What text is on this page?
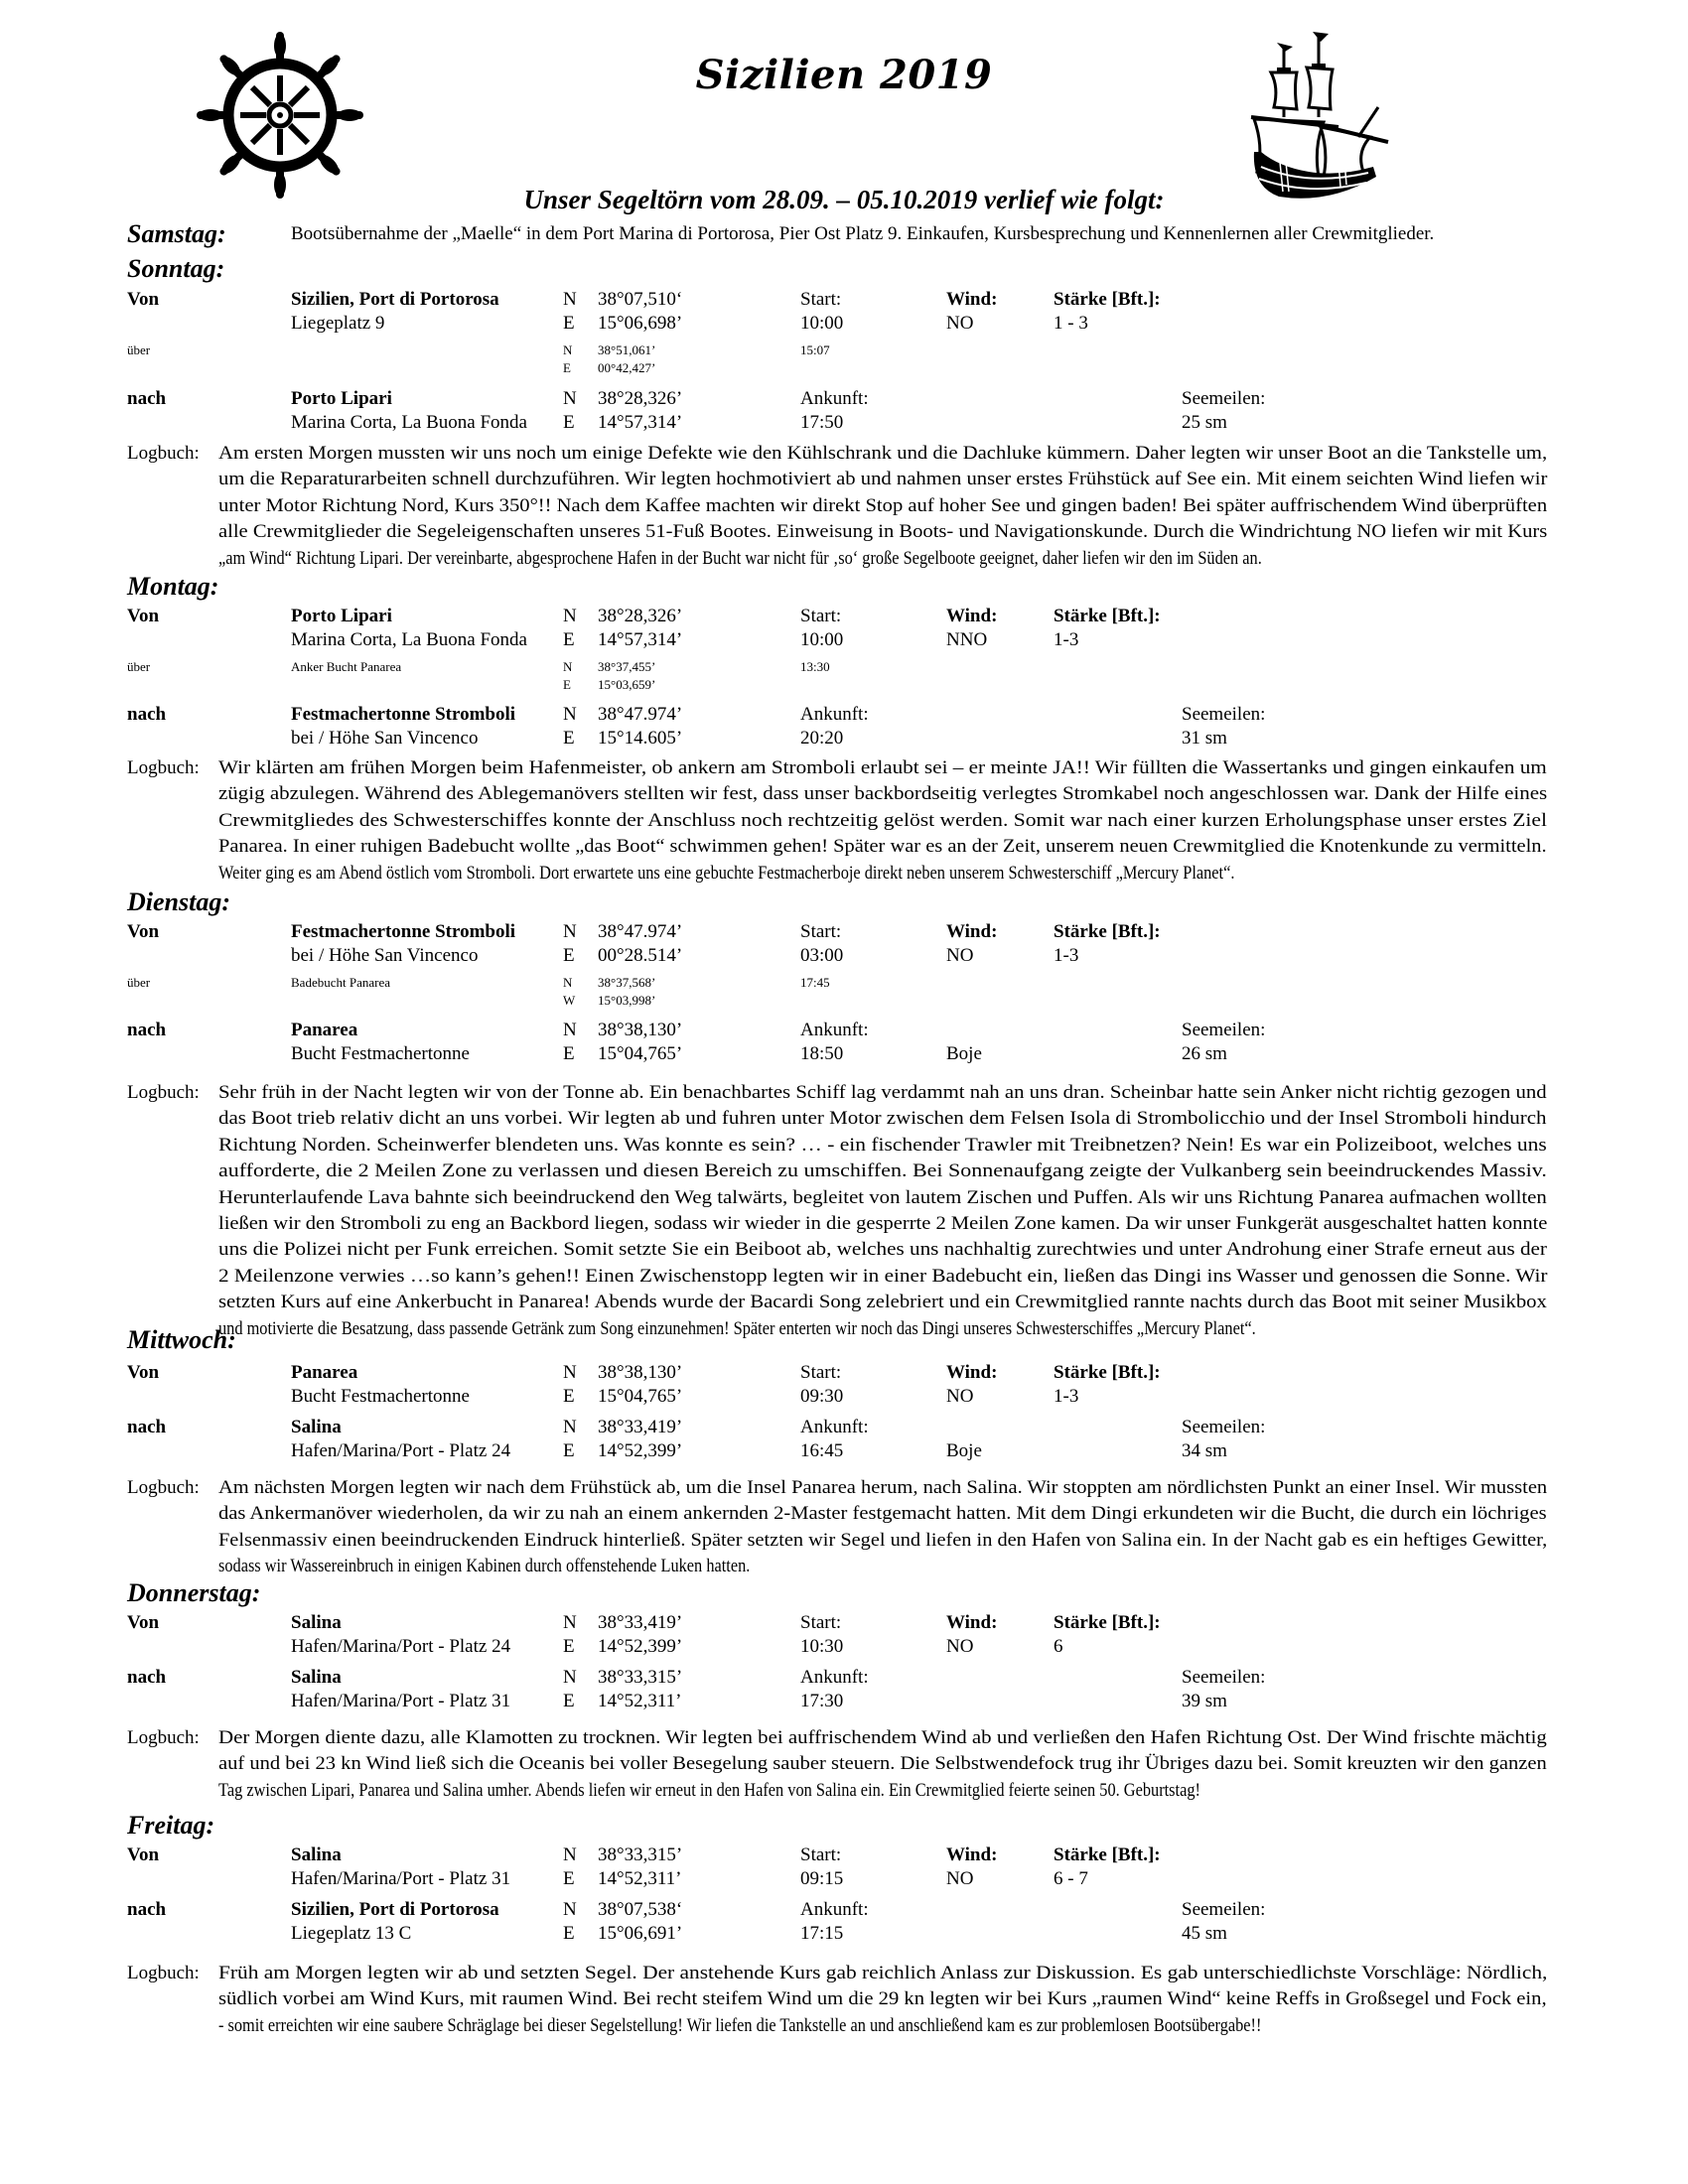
Sizilien 2019
Unser Segeltörn vom 28.09. – 05.10.2019 verlief wie folgt:
Samstag:	Bootsübernahme der „Maelle“ in dem Port Marina di Portorosa, Pier Ost Platz 9. Einkaufen, Kursbesprechung und Kennenlernen aller Crewmitglieder.
Sonntag:
Von	Sizilien, Port di Portorosa	N 38°07,510‘	Start:	Wind:	Stärke [Bft.]:
Liegeplatz 9	E 15°06,698’	10:00	NO	1 - 3
über	N 38°51,061’	15:07
E 00°42,427’
nach	Porto Lipari	N 38°28,326’	Ankunft:	Seemeilen:
Marina Corta, La Buona Fonda E 14°57,314’	17:50	25 sm
Logbuch: Am ersten Morgen mussten wir uns noch um einige Defekte wie den Kühlschrank und die Dachluke kümmern. Daher legten wir unser Boot an die Tankstelle um,
um die Reparaturarbeiten schnell durchzuführen. Wir legten hochmotiviert ab und nahmen unser erstes Frühstück auf See ein. Mit einem seichten Wind liefen wir
unter Motor Richtung Nord, Kurs 350°!! Nach dem Kaffee machten wir direkt Stop auf hoher See und gingen baden! Bei später auffrischendem Wind überprüften
alle Crewmitglieder die Segeleigenschaften unseres 51-Fuß Bootes. Einweisung in Boots- und Navigationskunde. Durch die Windrichtung NO liefen wir mit Kurs
„am Wind“ Richtung Lipari. Der vereinbarte, abgesprochene Hafen in der Bucht war nicht für ‚so‘ große Segelboote geeignet, daher liefen wir den im Süden an.
Montag:
Von	Porto Lipari	N 38°28,326’	Start:	Wind:	Stärke [Bft.]:
Marina Corta, La Buona Fonda E 14°57,314’	10:00	NNO	1-3
über	Anker Bucht Panarea	N 38°37,455’	13:30
E 15°03,659’
nach	Festmachertonne Stromboli	N 38°47.974’	Ankunft:	Seemeilen:
bei / Höhe San Vincenco	E 15°14.605’	20:20	31 sm
Logbuch: Wir klärten am frühen Morgen beim Hafenmeister, ob ankern am Stromboli erlaubt sei – er meinte JA!! Wir füllten die Wassertanks und gingen einkaufen um
zügig abzulegen. Während des Ablegemanövers stellten wir fest, dass unser backbordseitig verlegtes Stromkabel noch angeschlossen war. Dank der Hilfe eines
Crewmitgliedes des Schwesterschiffes konnte der Anschluss noch rechtzeitig gelöst werden. Somit war nach einer kurzen Erholungsphase unser erstes Ziel
Panarea. In einer ruhigen Badebucht wollte „das Boot“ schwimmen gehen! Später war es an der Zeit, unserem neuen Crewmitglied die Knotenkunde zu vermitteln.
Weiter ging es am Abend östlich vom Stromboli. Dort erwartete uns eine gebuchte Festmacherboje direkt neben unserem Schwesterschiff „Mercury Planet“.
Dienstag:
Von	Festmachertonne Stromboli	N 38°47.974’	Start:	Wind:	Stärke [Bft.]:
bei / Höhe San Vincenco	E 00°28.514’	03:00	NO	1-3
über	Badebucht Panarea	N 38°37,568’	17:45
W 15°03,998’
nach	Panarea	N 38°38,130’	Ankunft:	Seemeilen:
Bucht Festmachertonne	E 15°04,765’	18:50	Boje	26 sm
Logbuch: Sehr früh in der Nacht legten wir von der Tonne ab. Ein benachbartes Schiff lag verdammt nah an uns dran. Scheinbar hatte sein Anker nicht richtig gezogen und
das Boot trieb relativ dicht an uns vorbei. Wir legten ab und fuhren unter Motor zwischen dem Felsen Isola di Strombolicchio und der Insel Stromboli hindurch
Richtung Norden. Scheinwerfer blendeten uns. Was konnte es sein? … - ein fischender Trawler mit Treibnetzen? Nein! Es war ein Polizeiboot, welches uns
aufforderte, die 2 Meilen Zone zu verlassen und diesen Bereich zu umschiffen. Bei Sonnenaufgang zeigte der Vulkanberg sein beeindruckendes Massiv.
Herunterlaufende Lava bahnte sich beeindruckend den Weg talwärts, begleitet von lautem Zischen und Puffen. Als wir uns Richtung Panarea aufmachen wollten
ließen wir den Stromboli zu eng an Backbord liegen, sodass wir wieder in die gesperrte 2 Meilen Zone kamen. Da wir unser Funkgerät ausgeschaltet hatten konnte
uns die Polizei nicht per Funk erreichen. Somit setzte Sie ein Beiboot ab, welches uns nachhaltig zurechtwies und unter Androhung einer Strafe erneut aus der
2 Meilenzone verwies …so kann’s gehen!! Einen Zwischenstopp legten wir in einer Badebucht ein, ließen das Dingi ins Wasser und genossen die Sonne. Wir
setzten Kurs auf eine Ankerbucht in Panarea! Abends wurde der Bacardi Song zelebriert und ein Crewmitglied rannte nachts durch das Boot mit seiner Musikbox
und motivierte die Besatzung, dass passende Getränk zum Song einzunehmen! Später enterten wir noch das Dingi unseres Schwesterschiffes „Mercury Planet“.
Mittwoch:
Von	Panarea	N 38°38,130’	Start:	Wind:	Stärke [Bft.]:
Bucht Festmachertonne	E 15°04,765’	09:30	NO	1-3
nach	Salina	N 38°33,419’	Ankunft:	Seemeilen:
Hafen/Marina/Port - Platz 24	E 14°52,399’	16:45	Boje	34 sm
Logbuch: Am nächsten Morgen legten wir nach dem Frühstück ab, um die Insel Panarea herum, nach Salina. Wir stoppten am nördlichsten Punkt an einer Insel. Wir mussten
das Ankermanöver wiederholen, da wir zu nah an einem ankernden 2-Master festgemacht hatten. Mit dem Dingi erkundeten wir die Bucht, die durch ein löchriges
Felsenmassiv einen beeindruckenden Eindruck hinterließ. Später setzten wir Segel und liefen in den Hafen von Salina ein. In der Nacht gab es ein heftiges Gewitter,
sodass wir Wassereinbruch in einigen Kabinen durch offenstehende Luken hatten.
Donnerstag:
Von	Salina	N 38°33,419’	Start:	Wind:	Stärke [Bft.]:
Hafen/Marina/Port - Platz 24	E 14°52,399’	10:30	NO	6
nach	Salina	N 38°33,315’	Ankunft:	Seemeilen:
Hafen/Marina/Port - Platz 31	E 14°52,311’	17:30	39 sm
Logbuch: Der Morgen diente dazu, alle Klamotten zu trocknen. Wir legten bei auffrischendem Wind ab und verließen den Hafen Richtung Ost. Der Wind frischte mächtig
auf und bei 23 kn Wind ließ sich die Oceanis bei voller Besegelung sauber steuern. Die Selbstwendefock trug ihr Übriges dazu bei. Somit kreuzten wir den ganzen
Tag zwischen Lipari, Panarea und Salina umher. Abends liefen wir erneut in den Hafen von Salina ein. Ein Crewmitglied feierte seinen 50. Geburtstag!
Freitag:
Von	Salina	N 38°33,315’	Start:	Wind:	Stärke [Bft.]:
Hafen/Marina/Port - Platz 31	E 14°52,311’	09:15	NO	6 - 7
nach	Sizilien, Port di Portorosa	N 38°07,538‘	Ankunft:	Seemeilen:
Liegeplatz 13 C	E 15°06,691’	17:15	45 sm
Logbuch: Früh am Morgen legten wir ab und setzten Segel. Der anstehende Kurs gab reichlich Anlass zur Diskussion. Es gab unterschiedlichste Vorschläge: Nördlich,
südlich vorbei am Wind Kurs, mit raumen Wind. Bei recht steifem Wind um die 29 kn legten wir bei Kurs „raumen Wind“ keine Reffs in Großsegel und Fock ein,
- somit erreichten wir eine saubere Schräglage bei dieser Segelstellung! Wir liefen die Tankstelle an und anschließend kam es zur problemlosen Bootsübergabe!!
